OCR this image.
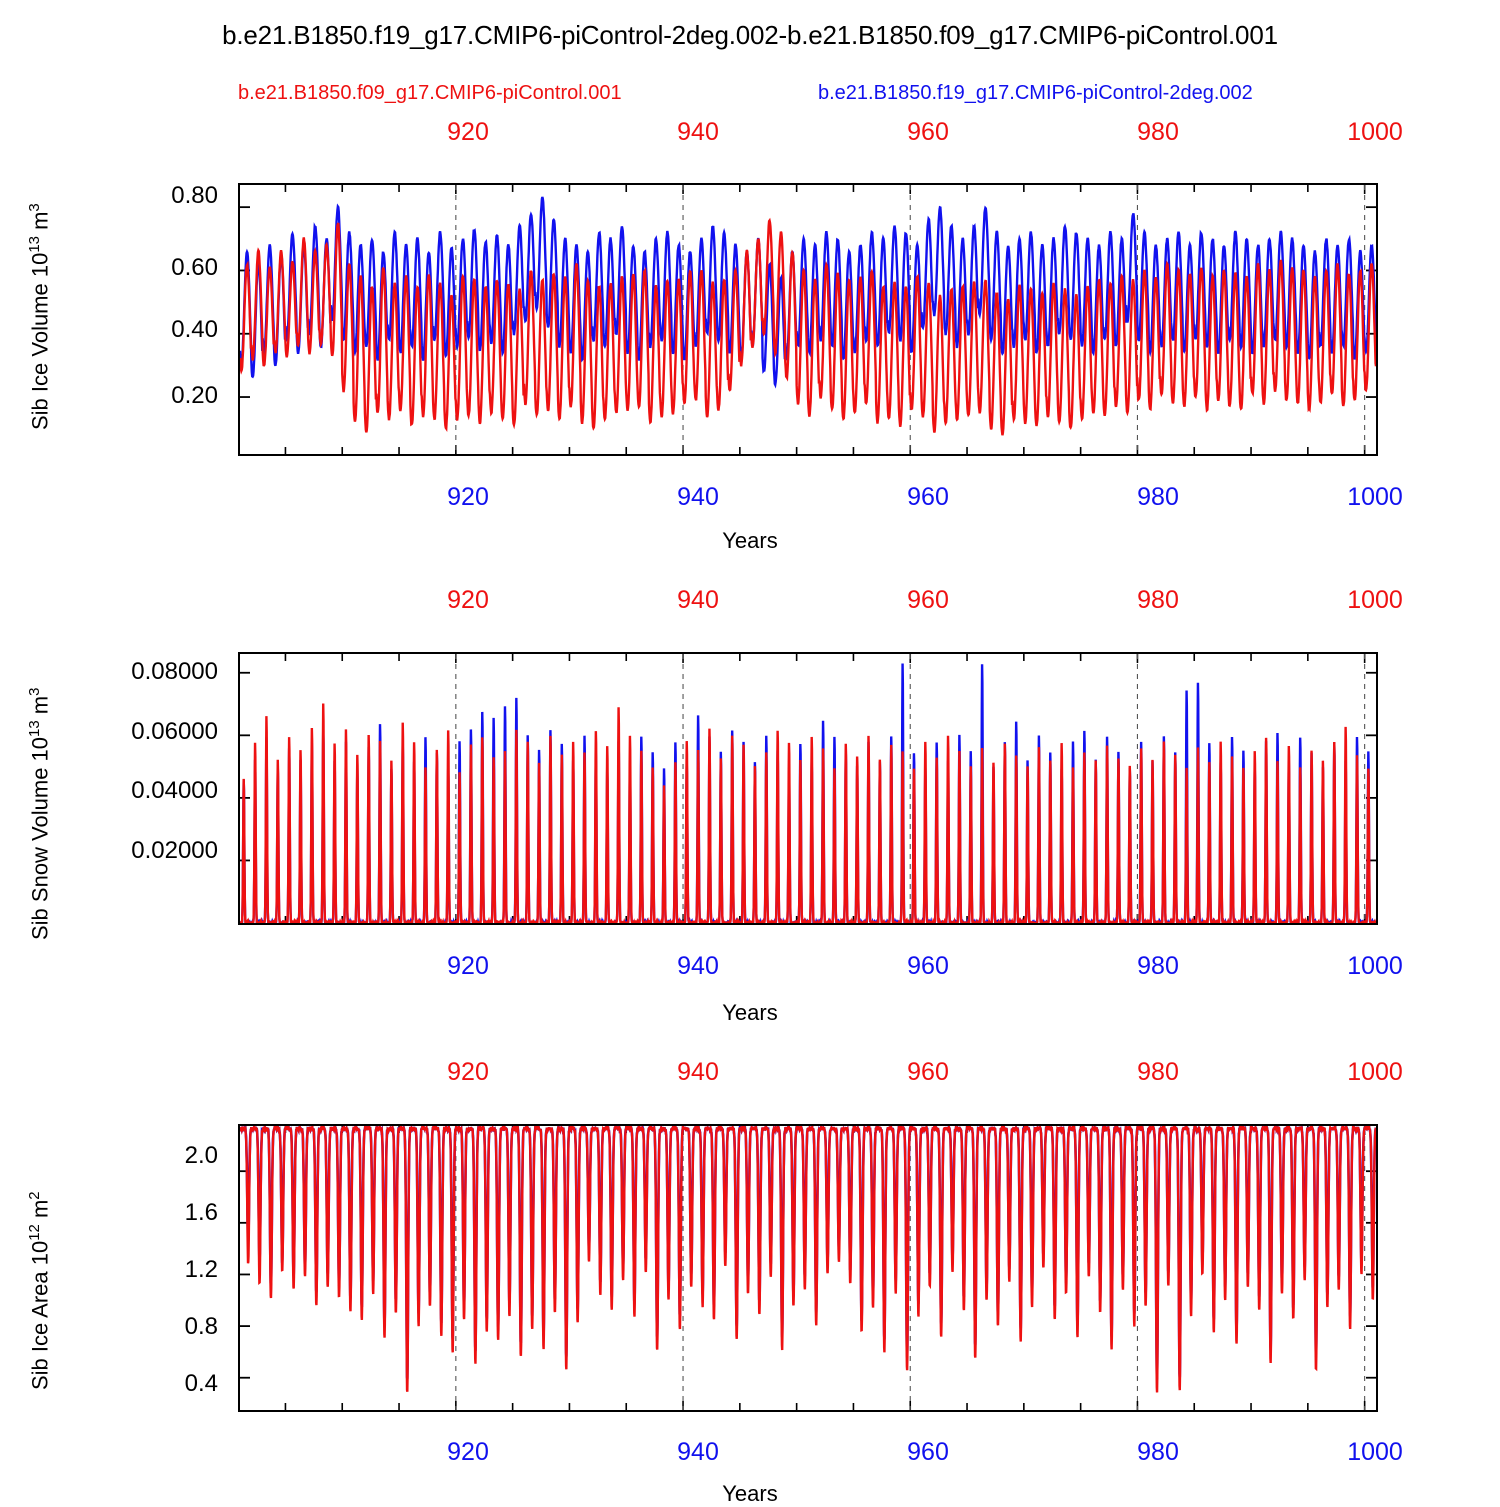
b.e21.B1850.f19_g17.CMIP6-piControl-2deg.002-b.e21.B1850.f09_g17.CMIP6-piControl.001
b.e21.B1850.f09_g17.CMIP6-piControl.001	b.e21.B1850.f19_g17.CMIP6-piControl-2deg.002
920	940	960	980	1000
Sib Ice Volume $10^{13}$ $m^3$	0.80
0.60
0.40
0.20
920	940	960	980	1000
Years
920	940	960	980	1000
Sib Snow Volume $10^{13}$ $m^3$
0.08000
0.06000
0.04000
0.02000
920	940	960	980	1000
Years
920	940	960	980	1000
Sib Ice Area $10^{12}$ $m^2$
2.0
1.6
1.2
0.8
0.4
920	940	960	980	1000
Years
